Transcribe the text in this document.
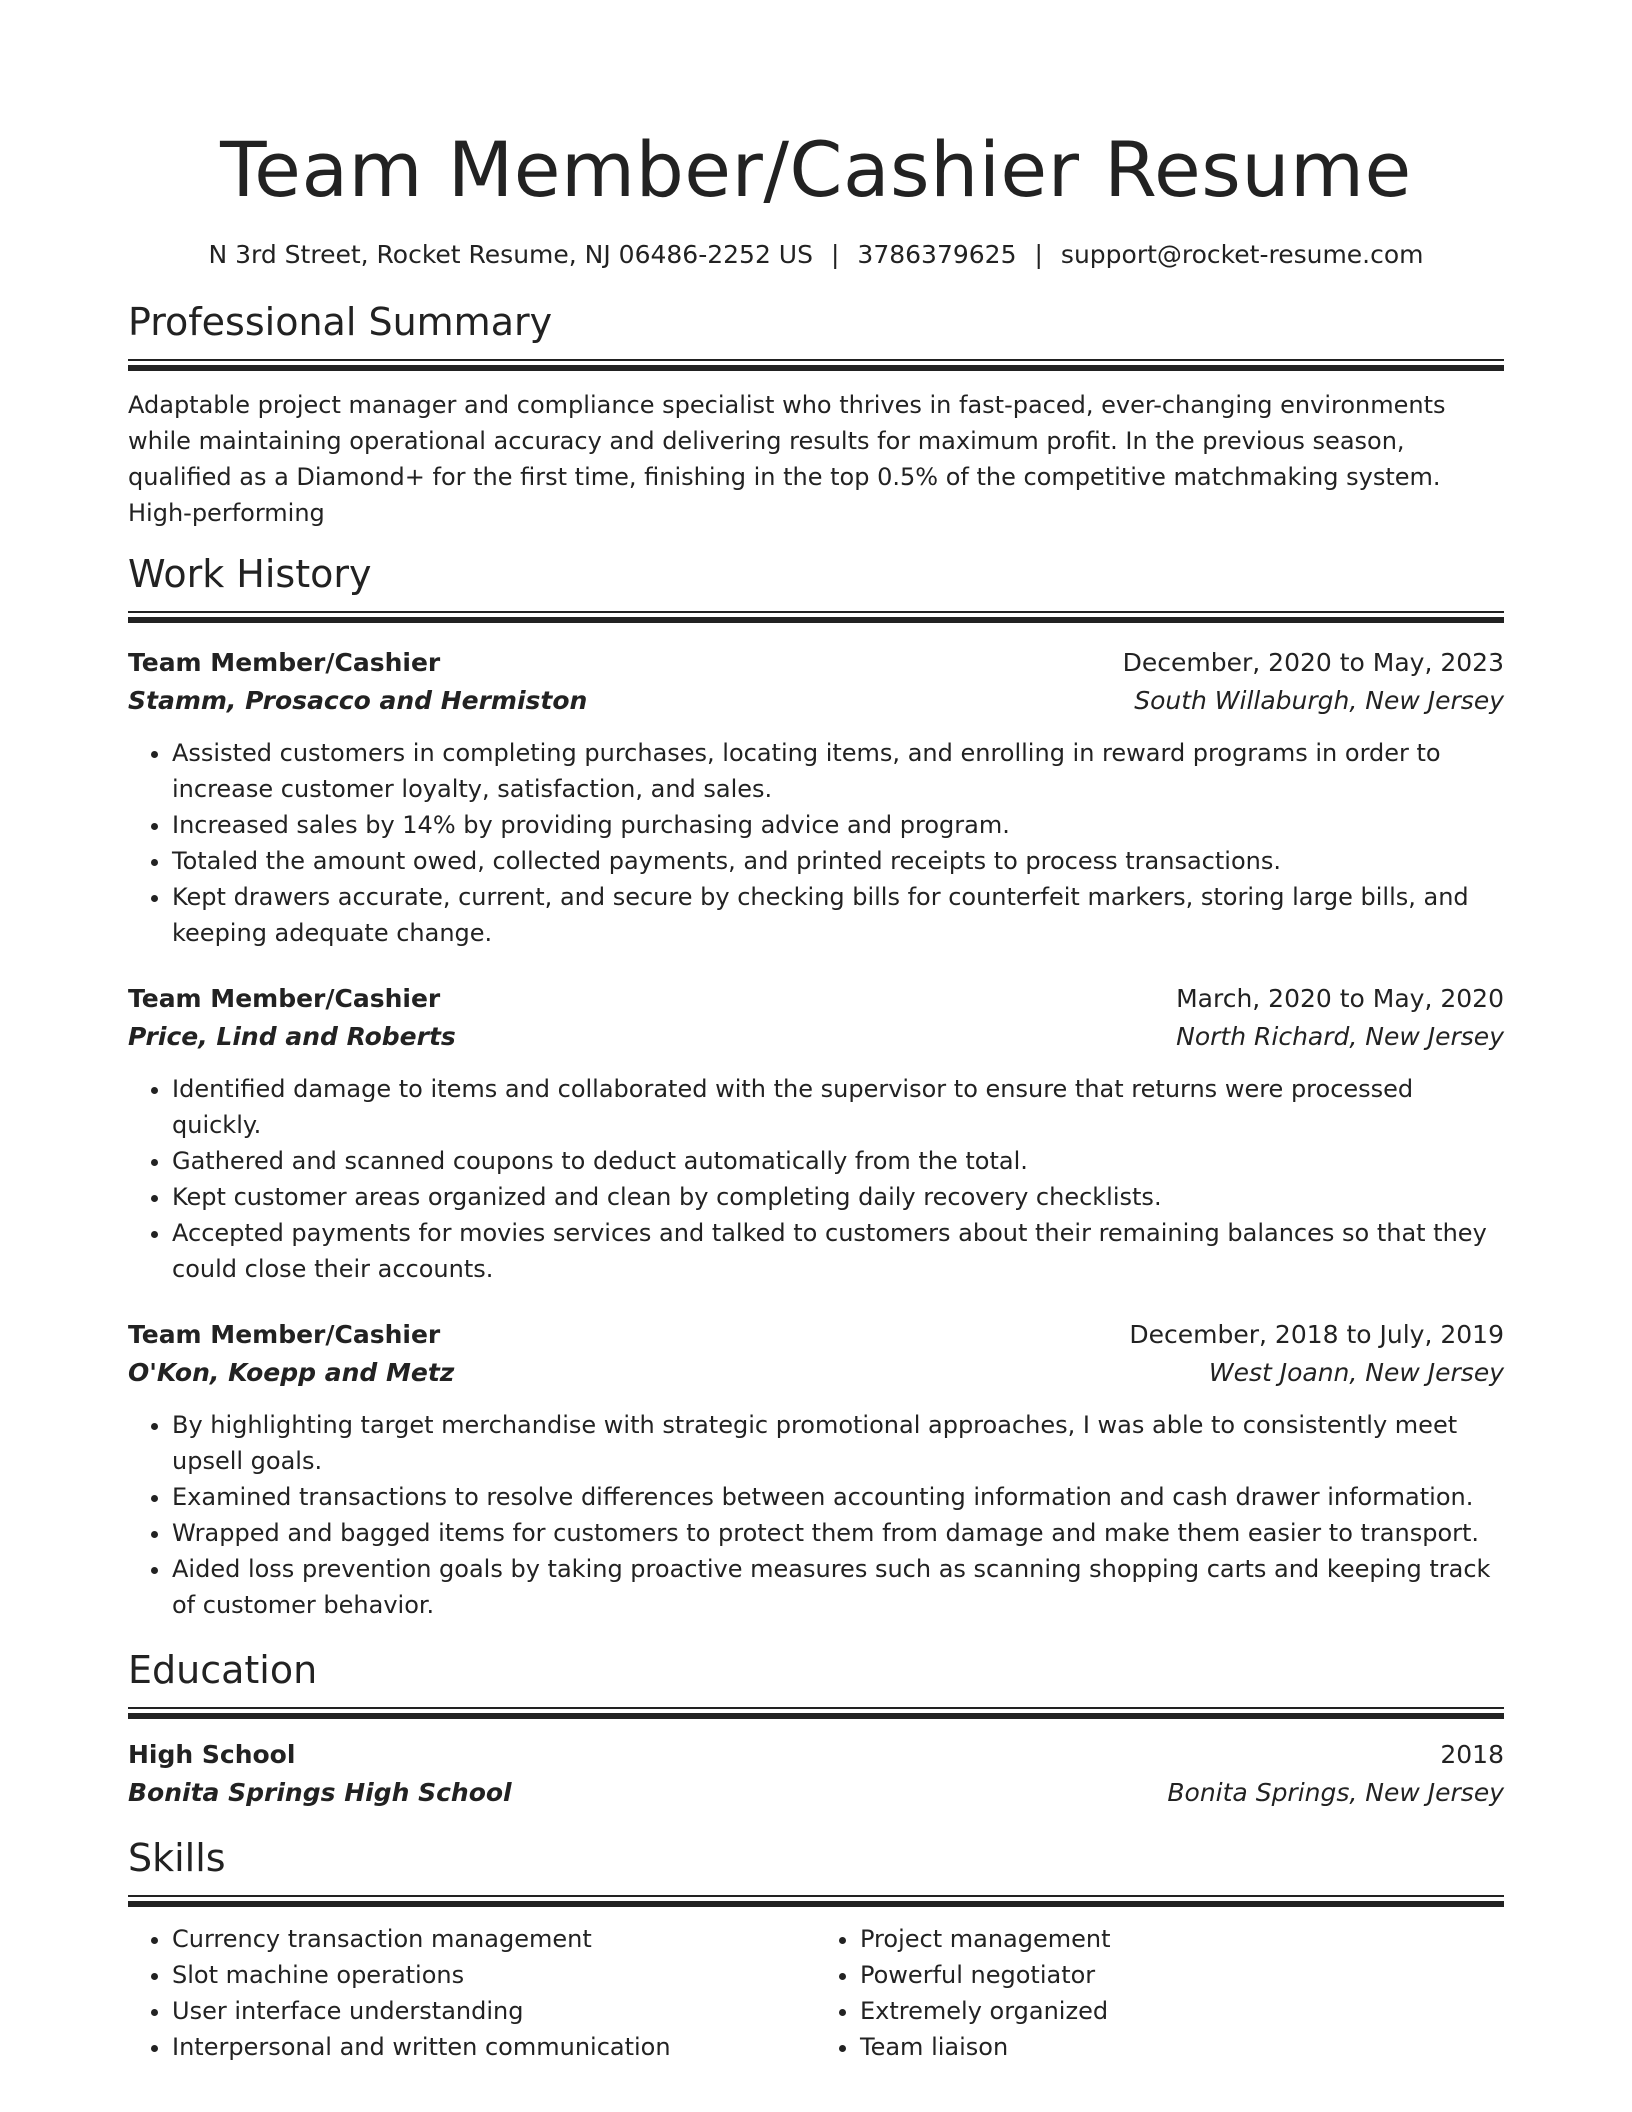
Team Member/Cashier Resume
N 3rd Street, Rocket Resume, NJ 06486-2252 US | 3786379625 | support@rocket-resume.com
Professional Summary

Adaptable project manager and compliance specialist who thrives in fast-paced, ever-changing environments while maintaining operational accuracy and delivering results for maximum profit. In the previous season, qualified as a Diamond+ for the first time, finishing in the top 0.5% of the competitive matchmaking system. High-performing

Work History
Team Member/Cashier	December, 2020 to May, 2023
Stamm, Prosacco and Hermiston	South Willaburgh, New Jersey
• Assisted customers in completing purchases, locating items, and enrolling in reward programs in order to increase customer loyalty, satisfaction, and sales.
• Increased sales by 14% by providing purchasing advice and program.
• Totaled the amount owed, collected payments, and printed receipts to process transactions.
• Kept drawers accurate, current, and secure by checking bills for counterfeit markers, storing large bills, and keeping adequate change.
Team Member/Cashier	March, 2020 to May, 2020
Price, Lind and Roberts	North Richard, New Jersey
• Identified damage to items and collaborated with the supervisor to ensure that returns were processed quickly.
• Gathered and scanned coupons to deduct automatically from the total.
• Kept customer areas organized and clean by completing daily recovery checklists.
• Accepted payments for movies services and talked to customers about their remaining balances so that they could close their accounts.
Team Member/Cashier	December, 2018 to July, 2019
O'Kon, Koepp and Metz	West Joann, New Jersey
• By highlighting target merchandise with strategic promotional approaches, I was able to consistently meet upsell goals.
• Examined transactions to resolve differences between accounting information and cash drawer information.
• Wrapped and bagged items for customers to protect them from damage and make them easier to transport.
• Aided loss prevention goals by taking proactive measures such as scanning shopping carts and keeping track of customer behavior.
Education
High School	2018
Bonita Springs High School	Bonita Springs, New Jersey
Skills
• Currency transaction management
• Slot machine operations
• User interface understanding
• Interpersonal and written communication
• Project management
• Powerful negotiator
• Extremely organized
• Team liaison
